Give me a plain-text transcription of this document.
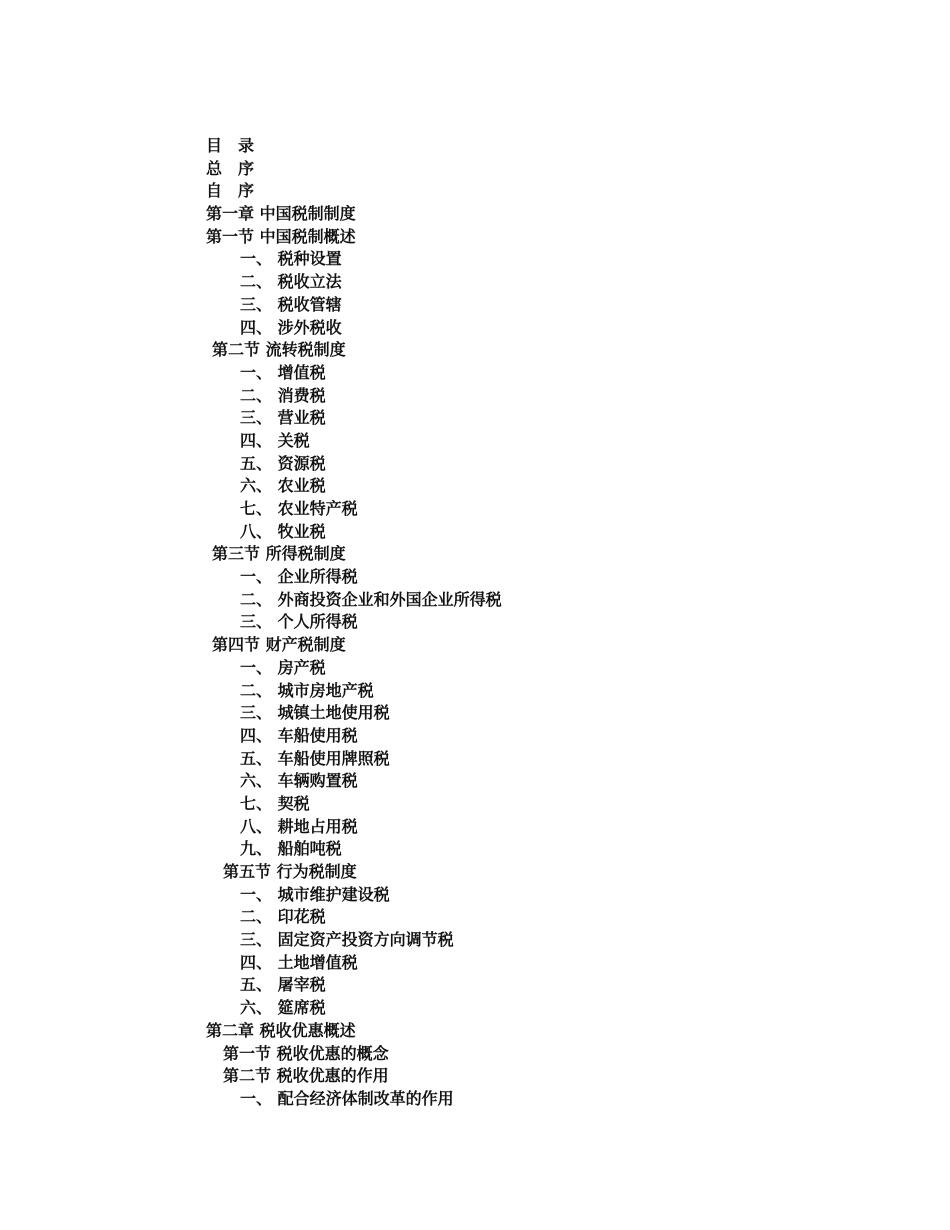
目　录
总　序
自　序
第一章 中国税制制度
第一节 中国税制概述
一、 税种设置
二、 税收立法
三、 税收管辖
四、 涉外税收
第二节 流转税制度
一、 增值税
二、 消费税
三、 营业税
四、 关税
五、 资源税
六、 农业税
七、 农业特产税
八、 牧业税
第三节 所得税制度
一、 企业所得税
二、 外商投资企业和外国企业所得税
三、 个人所得税
第四节 财产税制度
一、 房产税
二、 城市房地产税
三、 城镇土地使用税
四、 车船使用税
五、 车船使用牌照税
六、 车辆购置税
七、 契税
八、 耕地占用税
九、 船舶吨税
第五节 行为税制度
一、 城市维护建设税
二、 印花税
三、 固定资产投资方向调节税
四、 土地增值税
五、 屠宰税
六、 筵席税
第二章 税收优惠概述
第一节 税收优惠的概念
第二节 税收优惠的作用
一、 配合经济体制改革的作用
